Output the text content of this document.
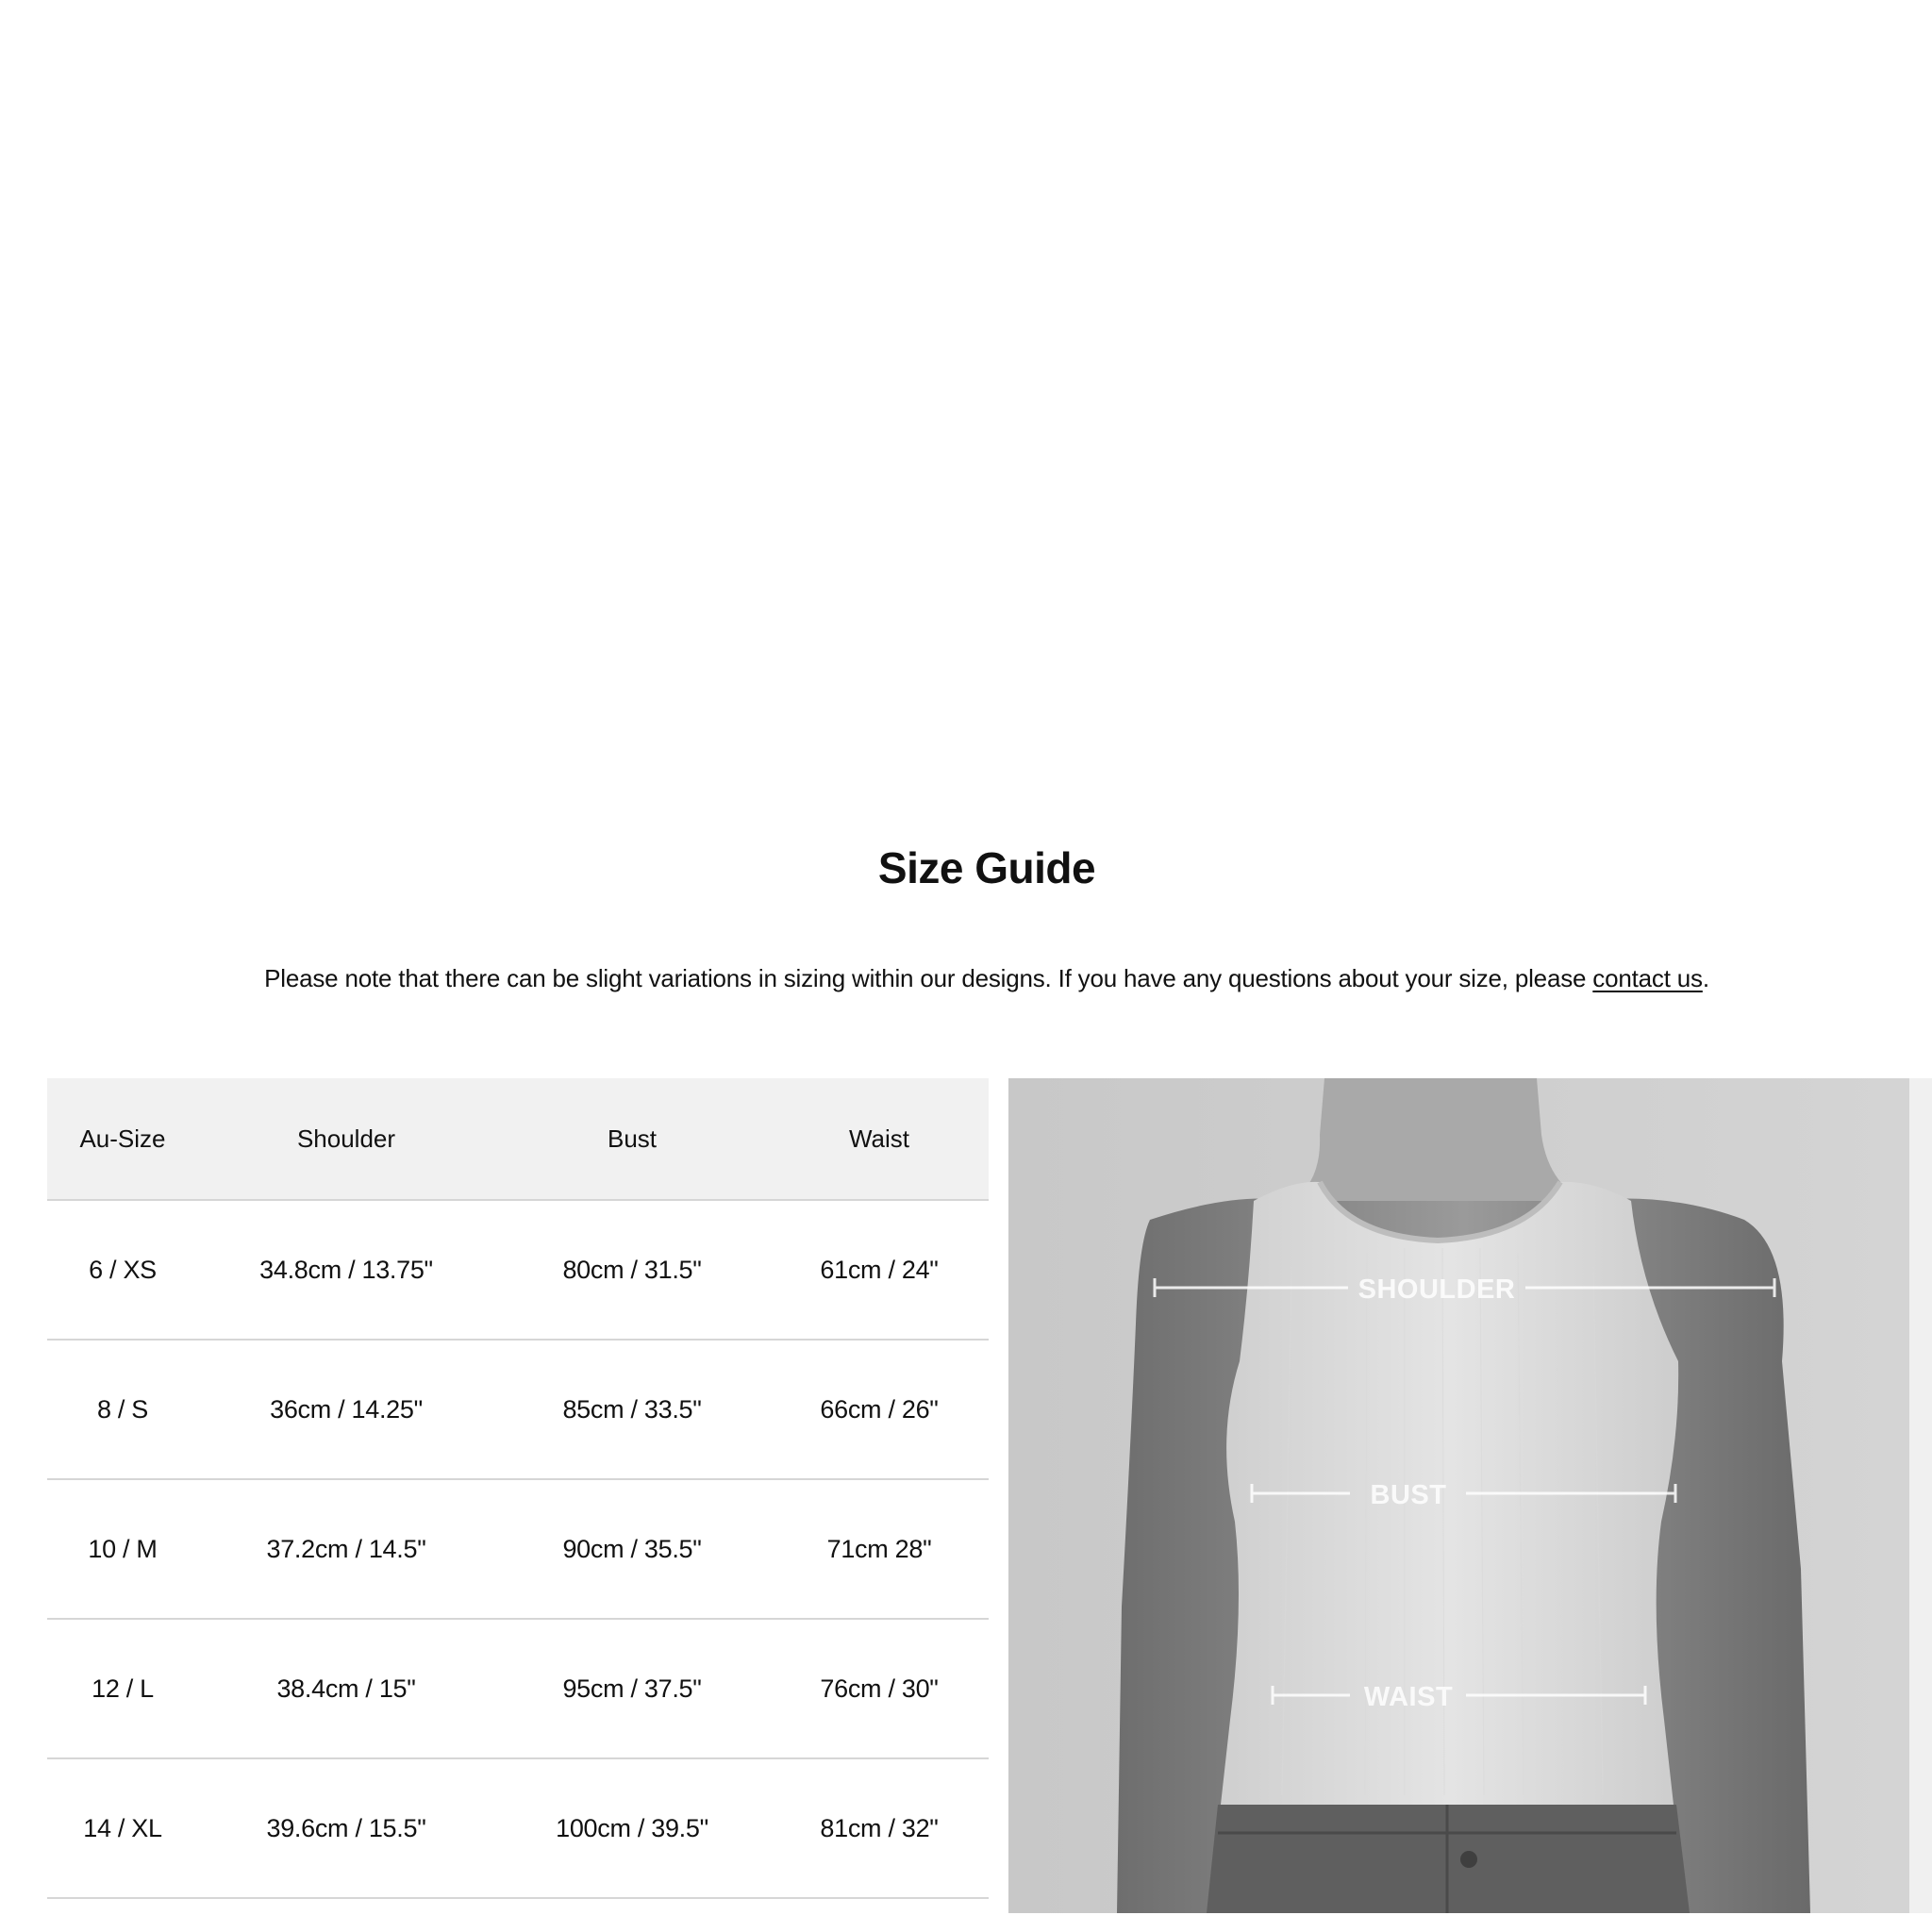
Size Guide

Please note that there can be slight variations in sizing within our designs. If you have any questions about your size, please contact us.

Au-Size	Shoulder	Bust	Waist
6 / XS	34.8cm / 13.75"	80cm / 31.5"	61cm / 24"
8 / S	36cm / 14.25"	85cm / 33.5"	66cm / 26"
10 / M	37.2cm / 14.5"	90cm / 35.5"	71cm 28"
12 / L	38.4cm / 15"	95cm / 37.5"	76cm / 30"
14 / XL	39.6cm / 15.5"	100cm / 39.5"	81cm / 32"
SHOULDER
BUST
WAIST
